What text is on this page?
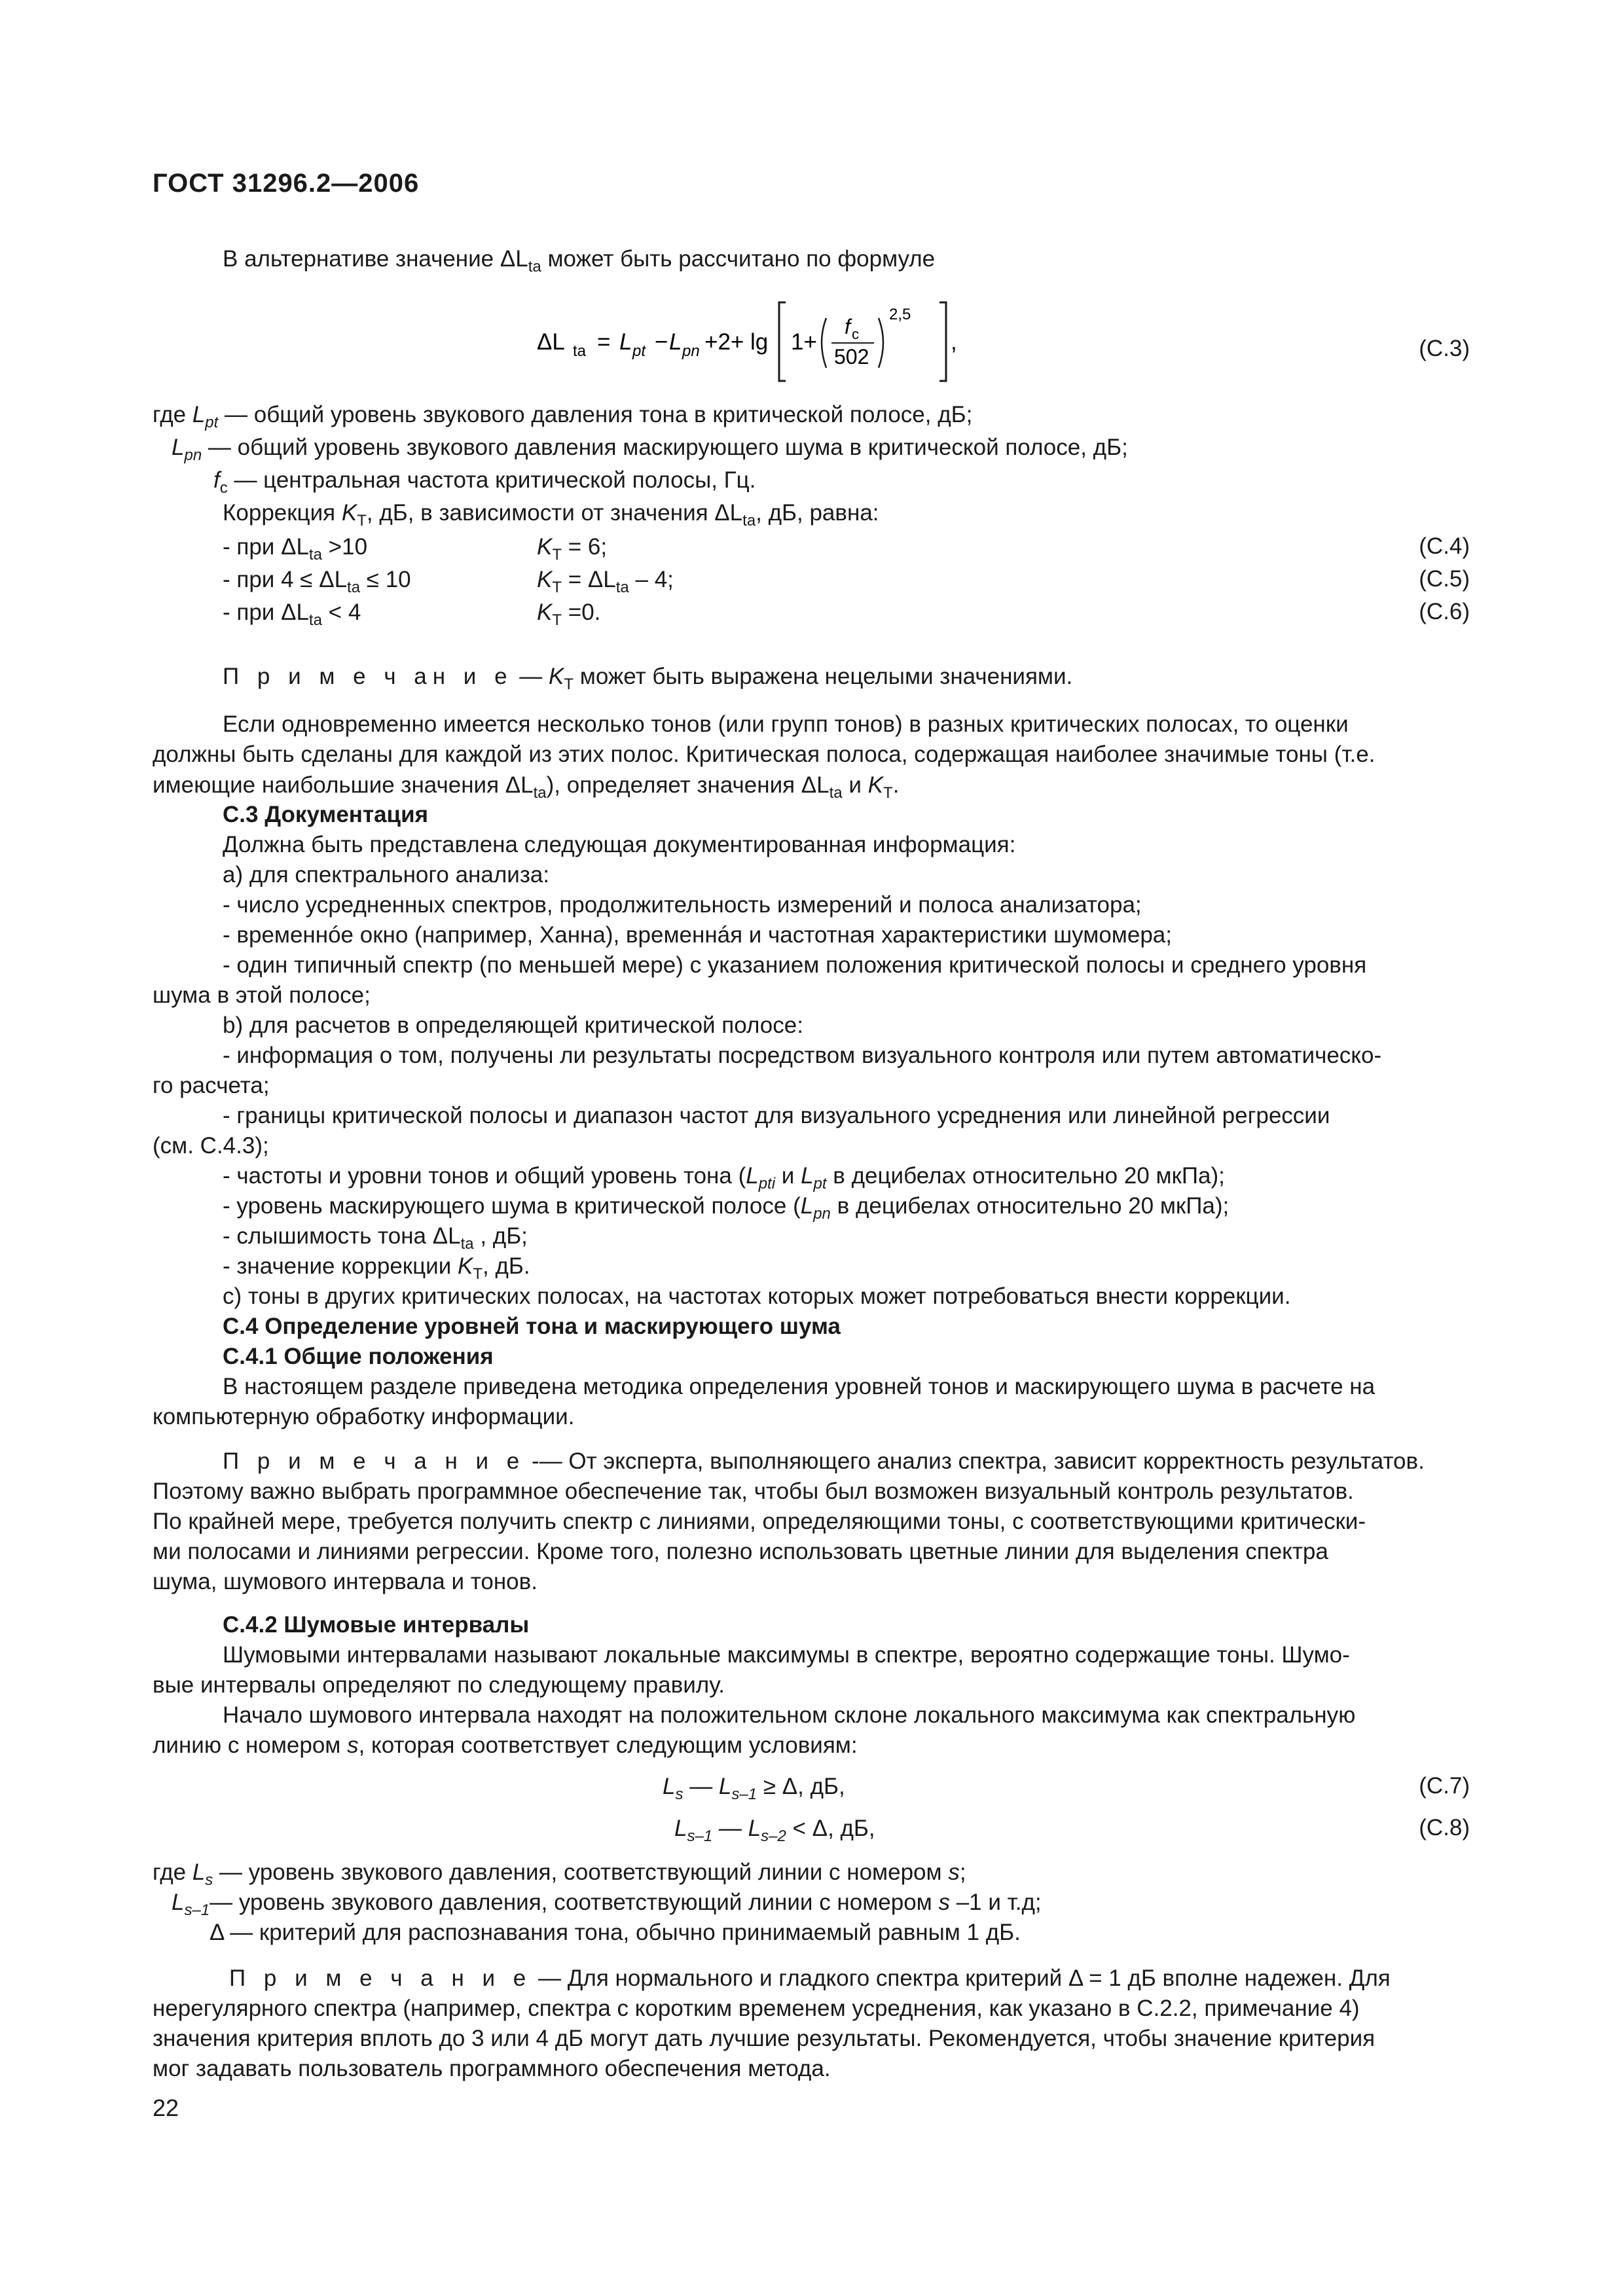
ГОСТ 31296.2—2006
В альтернативе значение $\Delta L_{ta}$ может быть рассчитано по формуле
ΔL ta = L pt − L pn +2+ lg 1+
f c
502
2,5
,	(C.3)
где $L_{pt}$ — общий уровень звукового давления тона в критической полосе, дБ;
$L_{pn}$ — общий уровень звукового давления маскирующего шума в критической полосе, дБ;
$f_c$ — центральная частота критической полосы, Гц.
Коррекция $K_T$, дБ, в зависимости от значения $\Delta L_{ta}$, дБ, равна:
- при $\Delta L_{ta} >10$	$K_T = 6$;	(C.4)
- при $4 \le \Delta L_{ta} \le 10$	$K_T = \Delta L_{ta} - 4$;	(C.5)
- при $\Delta L_{ta} < 4$	$K_T =0$.	(C.6)
П р и м е ч ан и е — $K_T$ может быть выражена нецелыми значениями.
Если одновременно имеется несколько тонов (или групп тонов) в разных критических полосах, то оценки
должны быть сделаны для каждой из этих полос. Критическая полоса, содержащая наиболее значимые тоны (т.е.
имеющие наибольшие значения $\Delta L_{ta}$), определяет значения $\Delta L_{ta}$ и $K_T$.
С.3 Документация
Должна быть представлена следующая документированная информация:
а) для спектрального анализа:
- число усредненных спектров, продолжительность измерений и полоса анализатора;
- временнóе окно (например, Ханна), временнáя и частотная характеристики шумомера;
- один типичный спектр (по меньшей мере) с указанием положения критической полосы и среднего уровня
шума в этой полосе;
b) для расчетов в определяющей критической полосе:
- информация о том, получены ли результаты посредством визуального контроля или путем автоматическо-
го расчета;
- границы критической полосы и диапазон частот для визуального усреднения или линейной регрессии
(см. С.4.3);
- частоты и уровни тонов и общий уровень тона ($L_{pti}$ и $L_{pt}$ в децибелах относительно 20 мкПа);
- уровень маскирующего шума в критической полосе ($L_{pn}$ в децибелах относительно 20 мкПа);
- слышимость тона $\Delta L_{ta}$ , дБ;
- значение коррекции $K_T$, дБ.
c) тоны в других критических полосах, на частотах которых может потребоваться внести коррекции.
С.4 Определение уровней тона и маскирующего шума
С.4.1 Общие положения
В настоящем разделе приведена методика определения уровней тонов и маскирующего шума в расчете на
компьютерную обработку информации.
П р и м е ч а н и е -— От эксперта, выполняющего анализ спектра, зависит корректность результатов.
Поэтому важно выбрать программное обеспечение так, чтобы был возможен визуальный контроль результатов.
По крайней мере, требуется получить спектр с линиями, определяющими тоны, с соответствующими критически-
ми полосами и линиями регрессии. Кроме того, полезно использовать цветные линии для выделения спектра
шума, шумового интервала и тонов.
С.4.2 Шумовые интервалы
Шумовыми интервалами называют локальные максимумы в спектре, вероятно содержащие тоны. Шумо-
вые интервалы определяют по следующему правилу.
Начало шумового интервала находят на положительном склоне локального максимума как спектральную
линию с номером s, которая соответствует следующим условиям:
$L_s$ — $L_{s-1} \ge \Delta$, дБ,	(C.7)
$L_{s-1}$ — $L_{s-2} < \Delta$, дБ,	(C.8)
где $L_s$ — уровень звукового давления, соответствующий линии с номером s;
$L_{s-1}—$ уровень звукового давления, соответствующий линии с номером s –1 и т.д;
Δ — критерий для распознавания тона, обычно принимаемый равным 1 дБ.
П р и м е ч а н и е — Для нормального и гладкого спектра критерий Δ = 1 дБ вполне надежен. Для
нерегулярного спектра (например, спектра с коротким временем усреднения, как указано в С.2.2, примечание 4)
значения критерия вплоть до 3 или 4 дБ могут дать лучшие результаты. Рекомендуется, чтобы значение критерия
мог задавать пользователь программного обеспечения метода.
22
